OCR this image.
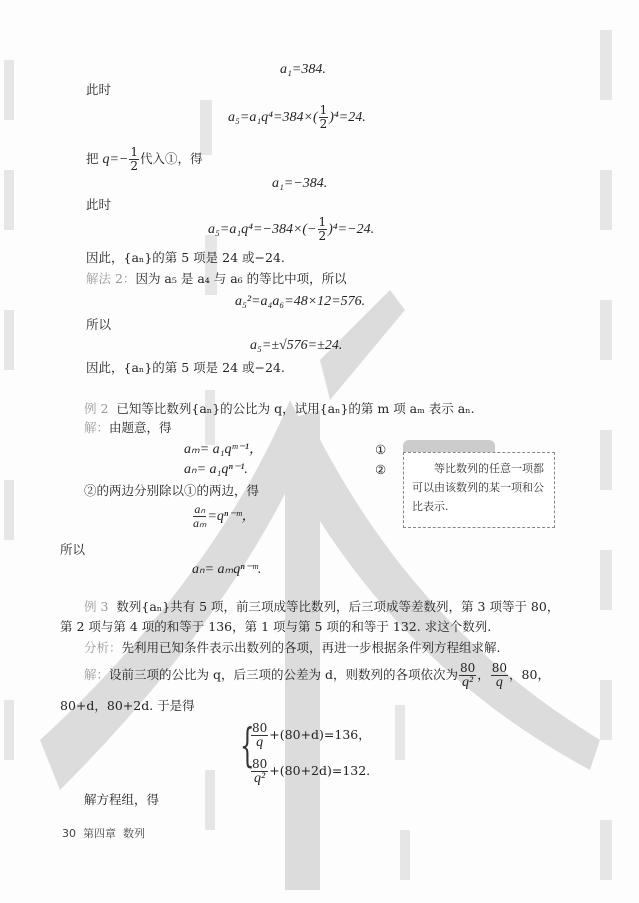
a₁=384.
此时
$a_5=a_1q^4=384\times( \frac{1}{2} )^4=24$.
把 $q=- \frac{1}{2}$ 代入①，得
a₁=−384.
此时
$a_5=a_1q^4=-384\times(- \frac{1}{2} )^4=-24$.
因此，{aₙ}的第 5 项是 24 或−24.
解法 2：因为 a₅ 是 a₄ 与 a₆ 的等比中项，所以
a₅²=a₄a₆=48×12=576.
所以
a₅=±√576=±24.
因此，{aₙ}的第 5 项是 24 或−24.
例 2 已知等比数列{aₙ}的公比为 q，试用{aₙ}的第 m 项 aₘ 表示 aₙ.
解：由题意，得
aₘ= a₁qᵐ⁻¹，	①
aₙ= a₁qⁿ⁻¹.	②
②的两边分别除以①的两边，得
$\frac{\text{aₙ}}{\text{aₘ}}$ =qⁿ⁻ᵐ，
所以
aₙ= aₘqⁿ⁻ᵐ.

等比数列的任意一项都可以由该数列的某一项和公比表示.

例 3 数列{aₙ}共有 5 项，前三项成等比数列，后三项成等差数列，第 3 项等于 80，
第 2 项与第 4 项的和等于 136，第 1 项与第 5 项的和等于 132. 求这个数列.
分析：先利用已知条件表示出数列的各项，再进一步根据条件列方程组求解.
解：设前三项的公比为 q，后三项的公差为 d，则数列的各项依次为 $\frac{80}{\text{q²}}$ ， $\frac{80}{q}$ ，80，
80+d，80+2d. 于是得
{
$\frac{80}{q} +(80+d)=136$，
$\frac{80}{\text{q²}} +(80+2d)=132$.
解方程组，得
30 第四章 数列
